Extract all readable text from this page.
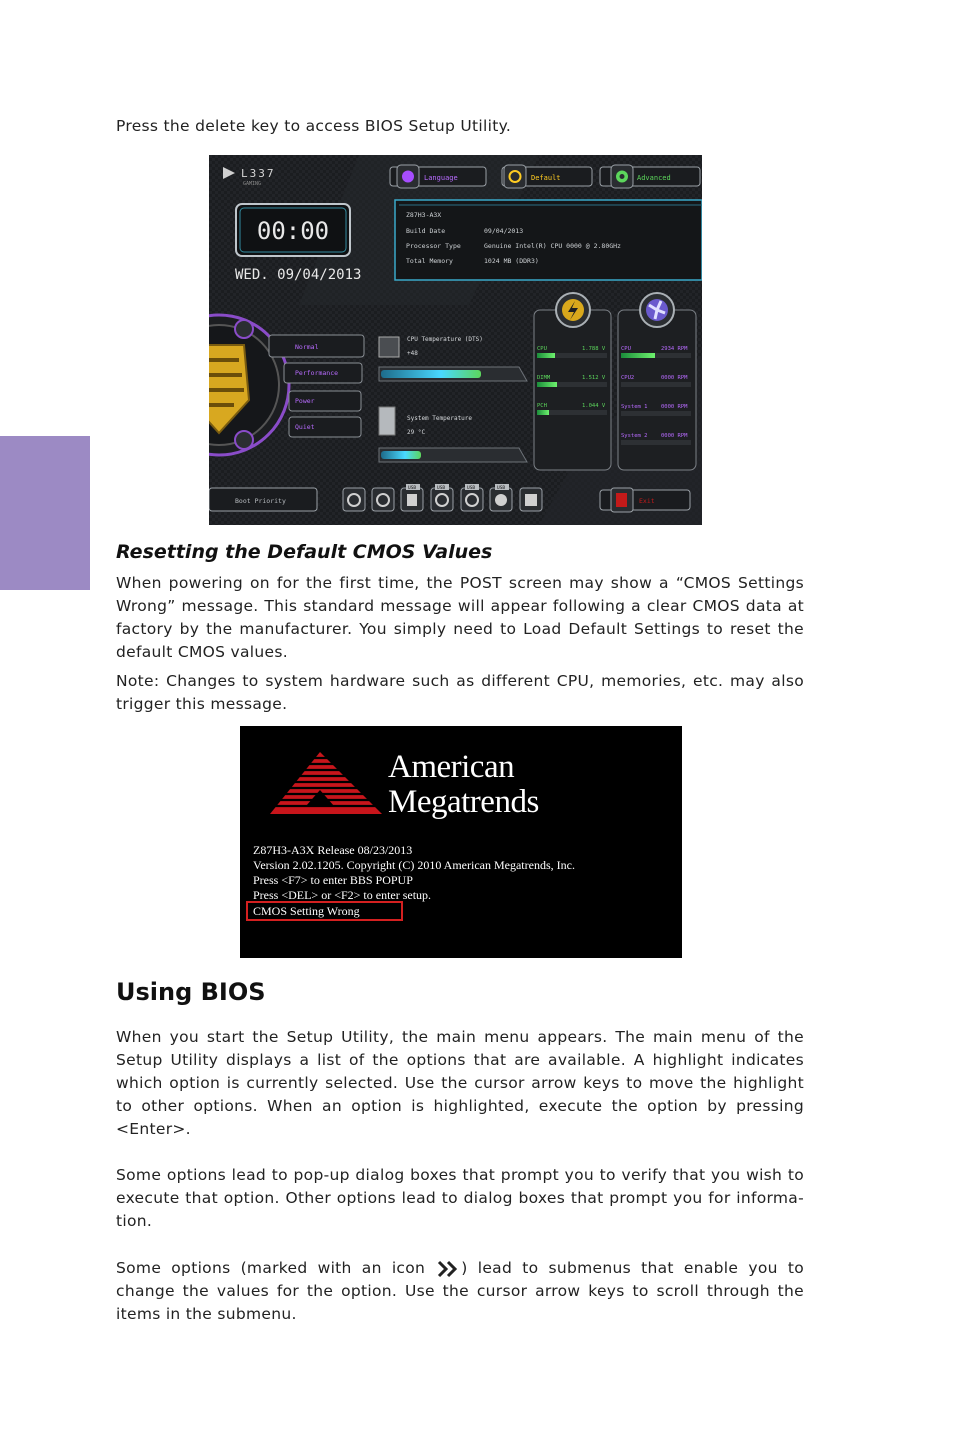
Press the delete key to access BIOS Setup Utility.

L337
GAMING
00:00
WED. 09/04/2013
Language	Default	Advanced
Z87H3-A3X
Build Date	09/04/2013
Processor Type	Genuine Intel(R) CPU 0000 @ 2.80GHz
Total Memory	1024 MB (DDR3)
Normal
Performance
Power
Quiet
CPU Temperature (DTS)
+48
System Temperature
29 °C
CPU	1.788 V
DIMM	1.512 V
PCH	1.044 V
CPU	2934 RPM
CPU2	0000 RPM
System 1 0000 RPM
System 2 0000 RPM
Boot Priority
USB	USB	USB	USB
Exit
Resetting the Default CMOS Values

When powering on for the first time, the POST screen may show a “CMOS Settings Wrong” message. This standard message will appear following a clear CMOS data at factory by the manufacturer. You simply need to Load Default Settings to reset the default CMOS values.

Note: Changes to system hardware such as different CPU, memories, etc. may also trigger this message.

American
Megatrends
Z87H3-A3X Release 08/23/2013
Version 2.02.1205. Copyright (C) 2010 American Megatrends, Inc.
Press <F7> to enter BBS POPUP
Press <DEL> or <F2> to enter setup.
CMOS Setting Wrong
Using BIOS

When you start the Setup Utility, the main menu appears. The main menu of the Setup Utility displays a list of the options that are available. A highlight indicates which option is currently selected. Use the cursor arrow keys to move the highlight to other options. When an option is highlighted, execute the option by pressing <Enter>.

Some options lead to pop-up dialog boxes that prompt you to verify that you wish to execute that option. Other options lead to dialog boxes that prompt you for informa-tion.

Some options (marked with an icon ) lead to submenus that enable you to change the values for the option. Use the cursor arrow keys to scroll through the items in the submenu.
